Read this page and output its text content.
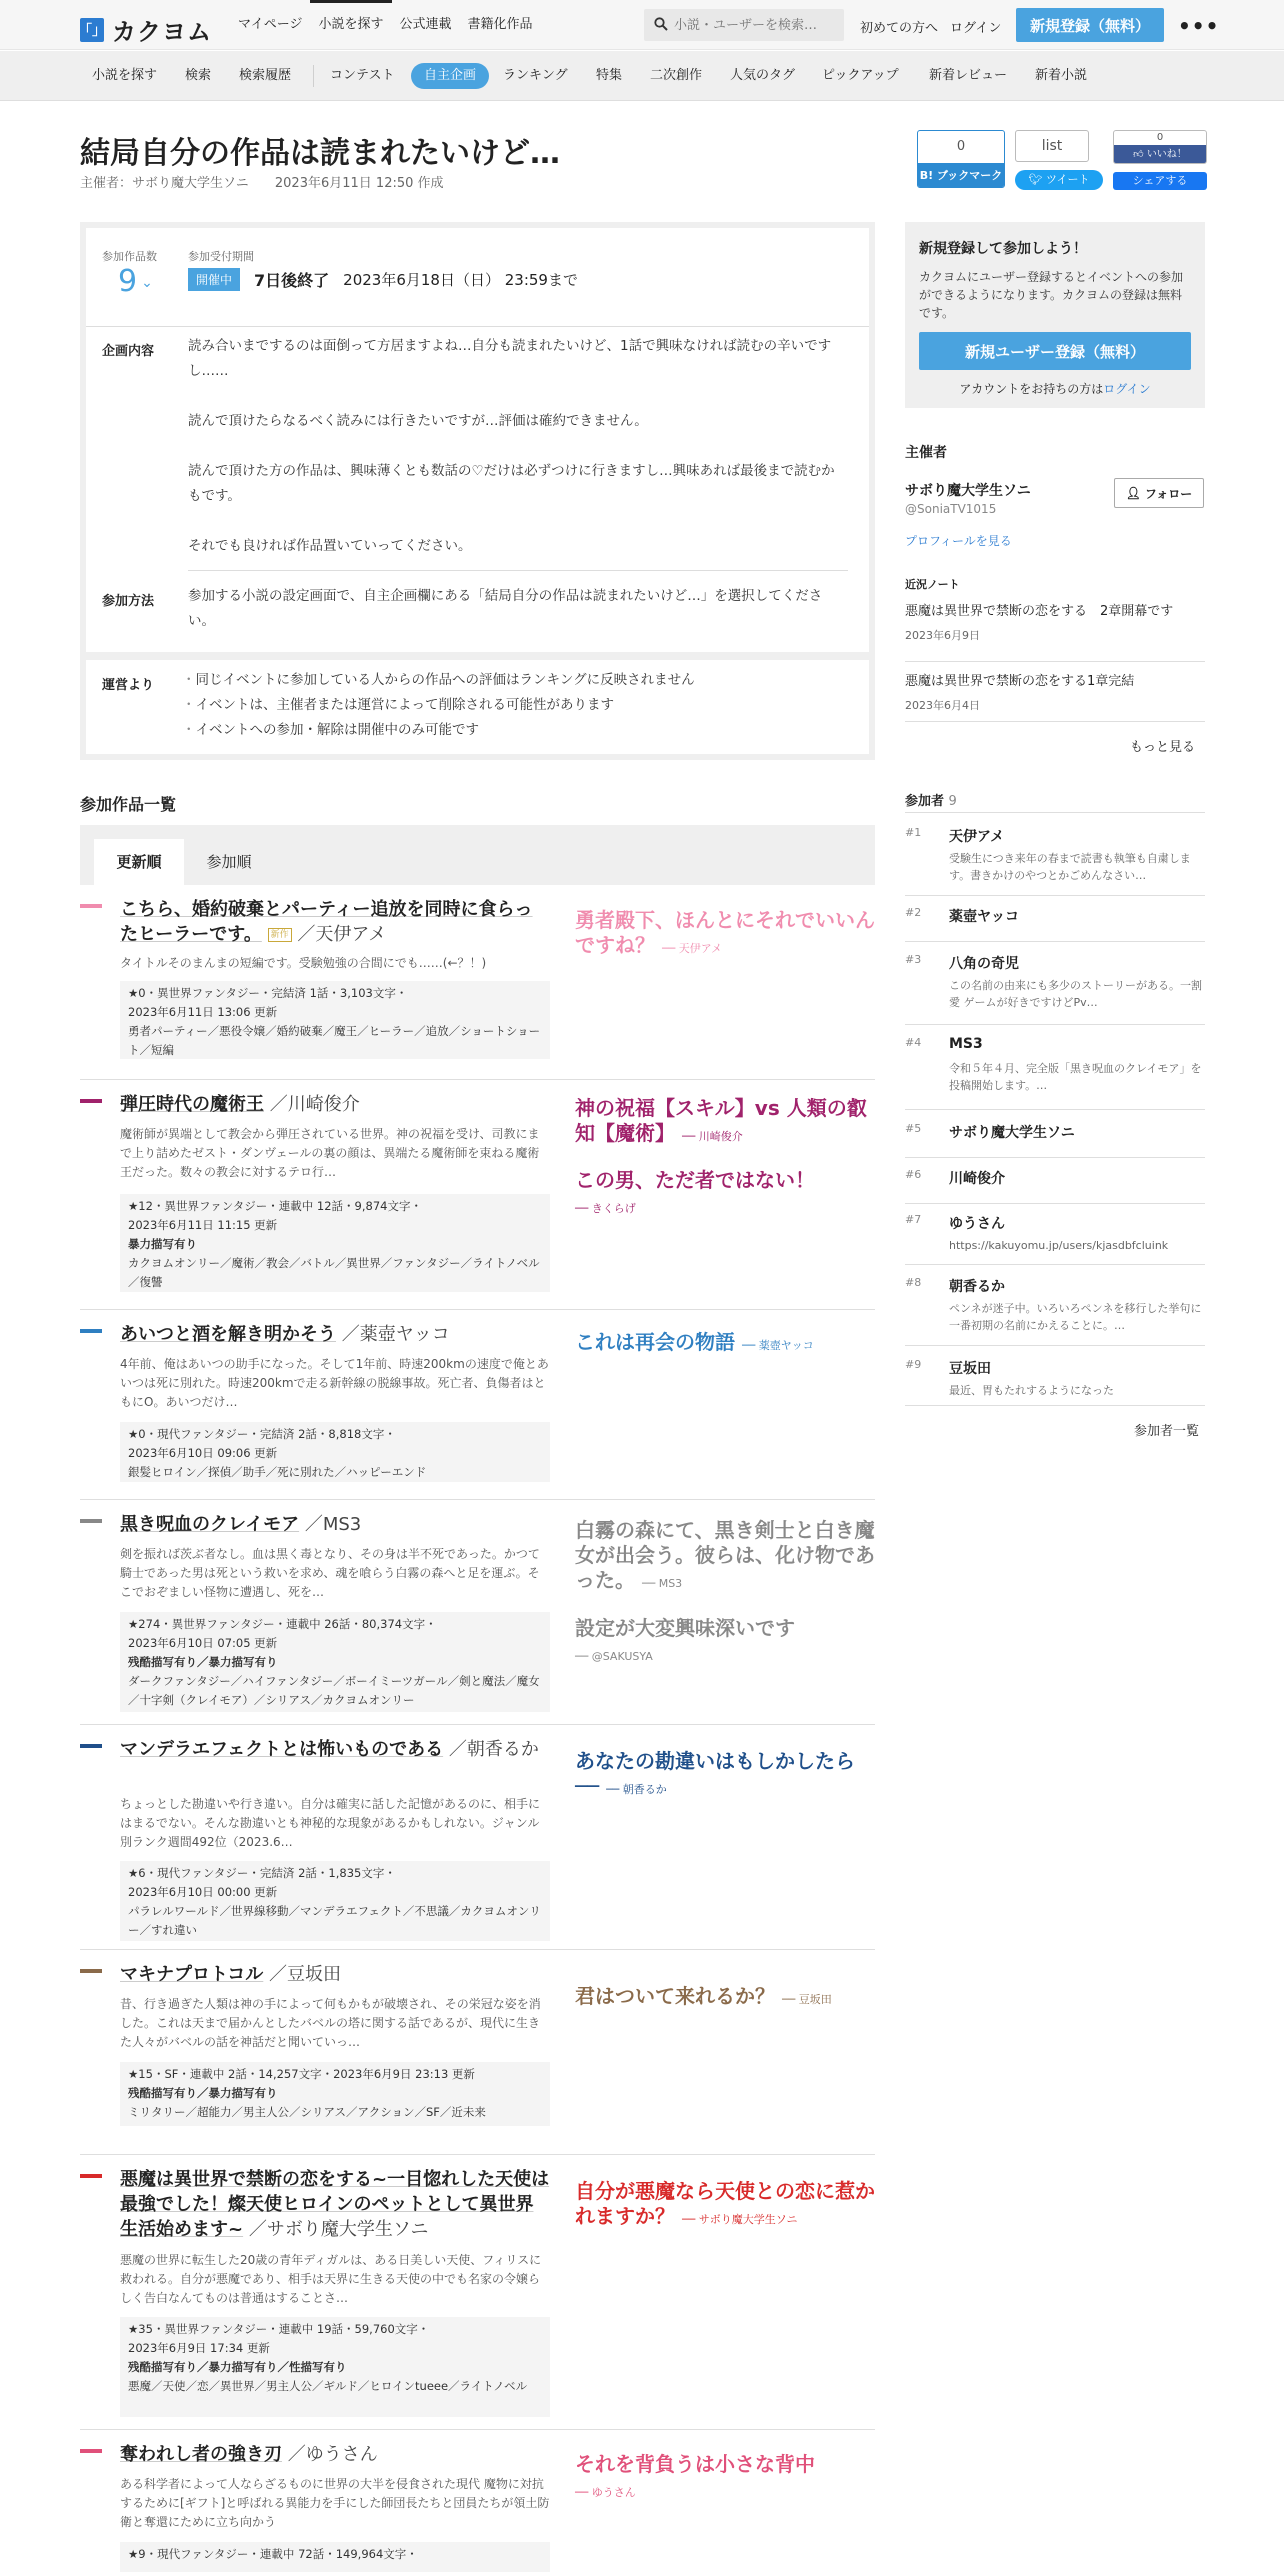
「」 カクヨム	マイページ	小説を探す	公式連載	書籍化作品
小説・ユーザーを検索…	初めての方へ ログイン	新規登録（無料）	•••
小説を探す 検索 検索履歴	コンテスト	自主企画	ランキング 特集 二次創作 人気のタグ ピックアップ 新着レビュー 新着小説
結局自分の作品は読まれたいけど…
主催者：サボり魔大学生ソニ 2023年6月11日 12:50 作成
参加作品数
9 ⌄
参加受付期間
開催中	7日後終了 2023年6月18日（日） 23:59まで
企画内容	読み合いまでするのは面倒って方居ますよね…自分も読まれたいけど、1話で興味なければ読むの辛いですし……

読んで頂けたらなるべく読みには行きたいですが…評価は確約できません。

読んで頂けた方の作品は、興味薄くとも数話の♡だけは必ずつけに行きますし…興味あれば最後まで読むかもです。

それでも良ければ作品置いていってください。

参加方法	参加する小説の設定画面で、自主企画欄にある「結局自分の作品は読まれたいけど…」を選択してください。

運営より
・	同じイベントに参加している人からの作品への評価はランキングに反映されません
・ イベントは、主催者または運営によって削除される可能性があります
・ イベントへの参加・解除は開催中のみ可能です
参加作品一覧
更新順	参加順
こちら、婚約破棄とパーティー追放を同時に食らったヒーラーです。 新作 ／天伊アメ
タイトルそのまんまの短編です。受験勉強の合間にでも……(←？！)
★0・異世界ファンタジー・完結済 1話・3,103文字・
2023年6月11日 13:06 更新
勇者パーティー／悪役令嬢／婚約破棄／魔王／ヒーラー／追放／ショートショート／短編
勇者殿下、ほんとにそれでいいんですね？ ── 天伊アメ
弾圧時代の魔術王 ／川崎俊介
魔術師が異端として教会から弾圧されている世界。神の祝福を受け、司教にまで上り詰めたゼスト・ダンヴェールの裏の顔は、異端たる魔術師を束ねる魔術王だった。数々の教会に対するテロ行…
★12・異世界ファンタジー・連載中 12話・9,874文字・
2023年6月11日 11:15 更新
暴力描写有り
カクヨムオンリー／魔術／教会／バトル／異世界／ファンタジー／ライトノベル／復讐
神の祝福【スキル】vs 人類の叡知【魔術】 ── 川崎俊介
この男、ただ者ではない！
── きくらげ
あいつと酒を解き明かそう ／薬壺ヤッコ
4年前、俺はあいつの助手になった。そして1年前、時速200kmの速度で俺とあいつは死に別れた。時速200kmで走る新幹線の脱線事故。死亡者、負傷者はともにO。あいつだけ…
★0・現代ファンタジー・完結済 2話・8,818文字・
2023年6月10日 09:06 更新
銀髪ヒロイン／探偵／助手／死に別れた／ハッピーエンド
これは再会の物語 ── 薬壺ヤッコ
黒き呪血のクレイモア ／MS3
剣を振れば茨ぶ者なし。血は黒く毒となり、その身は半不死であった。かつて騎士であった男は死という救いを求め、魂を喰らう白霧の森へと足を運ぶ。そこでおぞましい怪物に遭遇し、死を…
★274・異世界ファンタジー・連載中 26話・80,374文字・
2023年6月10日 07:05 更新
残酷描写有り／暴力描写有り
ダークファンタジー／ハイファンタジー／ボーイミーツガール／剣と魔法／魔女／十字剣（クレイモア）／シリアス／カクヨムオンリー
白霧の森にて、黒き剣士と白き魔女が出会う。彼らは、化け物であった。 ── MS3
設定が大変興味深いです
── @SAKUSYA
マンデラエフェクトとは怖いものである ／朝香るか
ちょっとした勘違いや行き違い。自分は確実に話した記憶があるのに、相手にはまるでない。そんな勘違いとも神秘的な現象があるかもしれない。ジャンル別ランク週間492位（2023.6…
★6・現代ファンタジー・完結済 2話・1,835文字・
2023年6月10日 00:00 更新
パラレルワールド／世界線移動／マンデラエフェクト／不思議／カクヨムオンリー／すれ違い
あなたの勘違いはもしかしたら── ── 朝香るか
マキナプロトコル ／豆坂田
昔、行き過ぎた人類は神の手によって何もかもが破壊され、その栄冠な姿を消した。これは天まで届かんとしたバベルの塔に関する話であるが、現代に生きた人々がバベルの話を神話だと聞いていっ…
★15・SF・連載中 2話・14,257文字・2023年6月9日 23:13 更新
残酷描写有り／暴力描写有り
ミリタリー／超能力／男主人公／シリアス／アクション／SF／近未来
君はついて来れるか？ ── 豆坂田
悪魔は異世界で禁断の恋をする~一目惚れした天使は最強でした！燦天使ヒロインのペットとして異世界生活始めます~ ／サボり魔大学生ソニ
悪魔の世界に転生した20歳の青年ディガルは、ある日美しい天使、フィリスに救われる。自分が悪魔であり、相手は天界に生きる天使の中でも名家の令嬢らしく告白なんてものは普通はすることさ…
★35・異世界ファンタジー・連載中 19話・59,760文字・
2023年6月9日 17:34 更新
残酷描写有り／暴力描写有り／性描写有り
悪魔／天使／恋／異世界／男主人公／ギルド／ヒロインtueee／ライトノベル
自分が悪魔なら天使との恋に惹かれますか？ ── サボり魔大学生ソニ
奪われし者の強き刃 ／ゆうさん
ある科学者によって人ならざるものに世界の大半を侵食された現代 魔物に対抗するために[ギフト]と呼ばれる異能力を手にした師団長たちと団員たちが領土防衛と奪還にために立ち向かう
★9・現代ファンタジー・連載中 72話・149,964文字・
それを背負うは小さな背中
── ゆうさん
0
B! ブックマーク
list
🐦︎ ツイート
0
👍︎ いいね！
シェアする
新規登録して参加しよう！

カクヨムにユーザー登録するとイベントへの参加ができるようになります。カクヨムの登録は無料です。

新規ユーザー登録（無料）
アカウントをお持ちの方はログイン
主催者
サボり魔大学生ソニ
@SoniaTV1015
👤︎ フォロー
プロフィールを見る
近況ノート
悪魔は異世界で禁断の恋をする　2章開幕です
2023年6月9日
悪魔は異世界で禁断の恋をする1章完結
2023年6月4日
もっと見る
参加者 9
#1 天伊アメ
受験生につき来年の春まで読書も執筆も自粛します。書きかけのやつとかごめんなさい…
#2 薬壺ヤッコ
#3 八角の奇児
この名前の由来にも多少のストーリーがある。一割愛 ゲームが好きですけどPv…
#4 MS3
令和５年４月、完全版「黒き呪血のクレイモア」を投稿開始します。…
#5 サボり魔大学生ソニ
#6 川崎俊介
#7 ゆうさん
https://kakuyomu.jp/users/kjasdbfcluink
#8 朝香るか
ペンネが迷子中。いろいろペンネを移行した挙句に一番初期の名前にかえることに。…
#9 豆坂田
最近、胃もたれするようになった
参加者一覧
